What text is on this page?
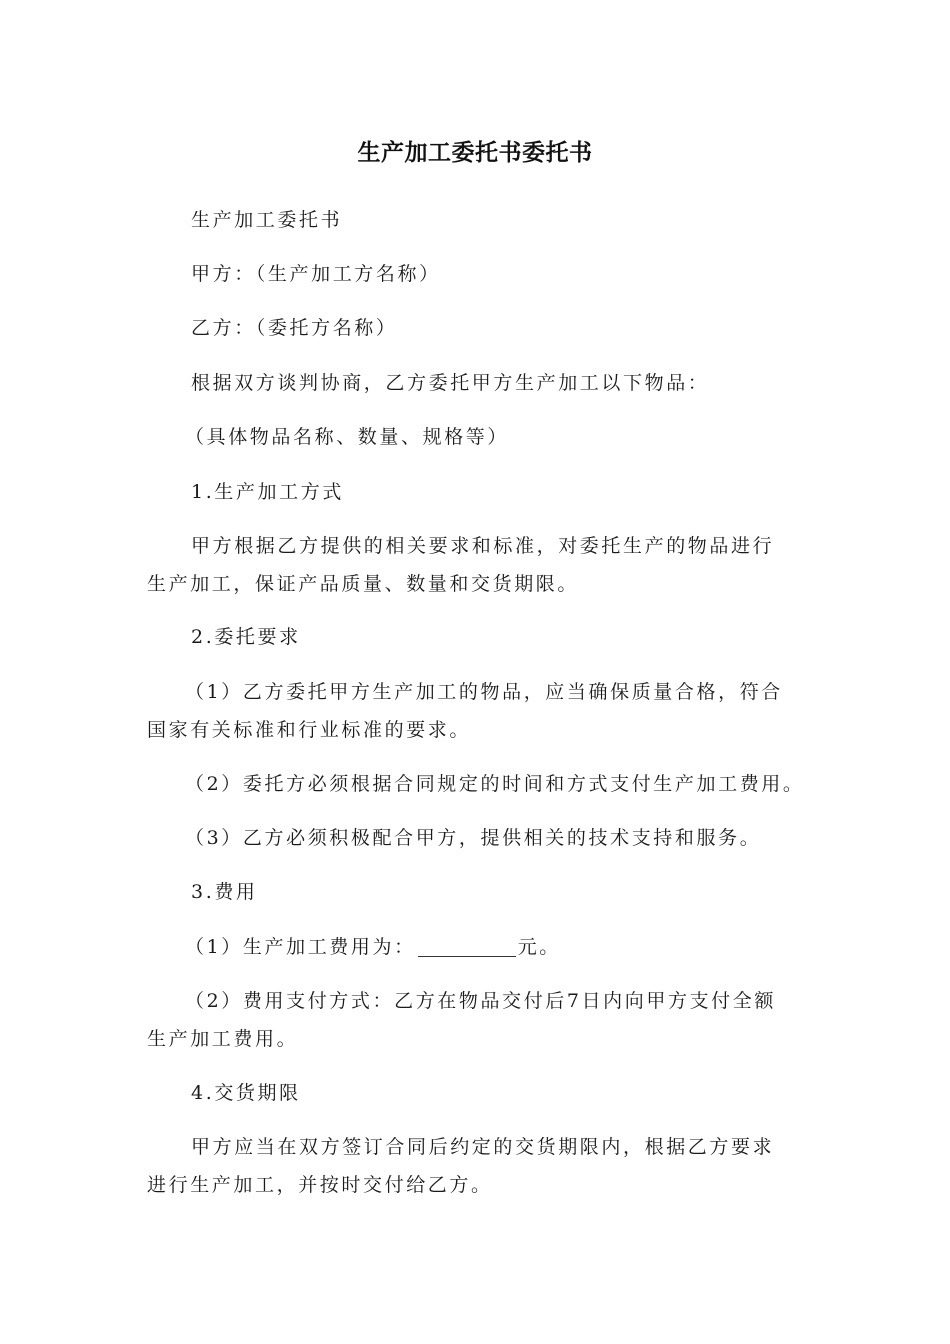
生产加工委托书委托书
生产加工委托书
甲方：（生产加工方名称）
乙方：（委托方名称）
根据双方谈判协商，乙方委托甲方生产加工以下物品：
（具体物品名称、数量、规格等）
1.生产加工方式
甲方根据乙方提供的相关要求和标准，对委托生产的物品进行
生产加工，保证产品质量、数量和交货期限。
2.委托要求
（1）乙方委托甲方生产加工的物品，应当确保质量合格，符合
国家有关标准和行业标准的要求。
（2）委托方必须根据合同规定的时间和方式支付生产加工费用。
（3）乙方必须积极配合甲方，提供相关的技术支持和服务。
3.费用
（1）生产加工费用为：	元。
（2）费用支付方式：乙方在物品交付后7日内向甲方支付全额
生产加工费用。
4.交货期限
甲方应当在双方签订合同后约定的交货期限内，根据乙方要求
进行生产加工，并按时交付给乙方。
